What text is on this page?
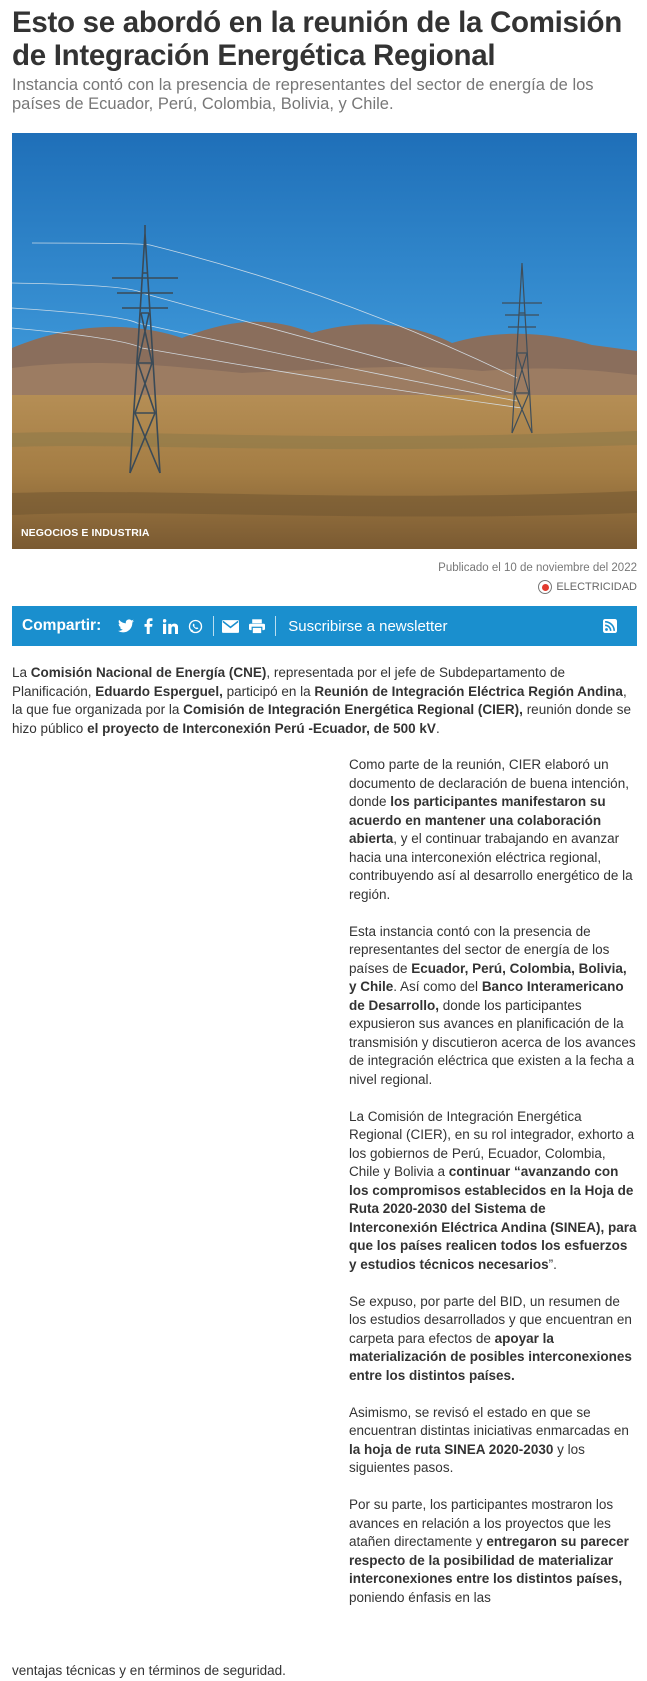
Esto se abordó en la reunión de la Comisión de Integración Energética Regional

Instancia contó con la presencia de representantes del sector de energía de los países de Ecuador, Perú, Colombia, Bolivia, y Chile.

NEGOCIOS E INDUSTRIA
Publicado el 10 de noviembre del 2022
ELECTRICIDAD
Compartir:	Suscribirse a newsletter

La Comisión Nacional de Energía (CNE), representada por el jefe de Subdepartamento de Planificación, Eduardo Esperguel, participó en la Reunión de Integración Eléctrica Región Andina, la que fue organizada por la Comisión de Integración Energética Regional (CIER), reunión donde se hizo público el proyecto de Interconexión Perú -Ecuador, de 500 kV.

Como parte de la reunión, CIER elaboró un documento de declaración de buena intención, donde los participantes manifestaron su acuerdo en mantener una colaboración abierta, y el continuar trabajando en avanzar hacia una interconexión eléctrica regional, contribuyendo así al desarrollo energético de la región.

Esta instancia contó con la presencia de representantes del sector de energía de los países de Ecuador, Perú, Colombia, Bolivia, y Chile. Así como del Banco Interamericano de Desarrollo, donde los participantes expusieron sus avances en planificación de la transmisión y discutieron acerca de los avances de integración eléctrica que existen a la fecha a nivel regional.

La Comisión de Integración Energética Regional (CIER), en su rol integrador, exhorto a los gobiernos de Perú, Ecuador, Colombia, Chile y Bolivia a continuar “avanzando con los compromisos establecidos en la Hoja de Ruta 2020-2030 del Sistema de Interconexión Eléctrica Andina (SINEA), para que los países realicen todos los esfuerzos y estudios técnicos necesarios”.

Se expuso, por parte del BID, un resumen de los estudios desarrollados y que encuentran en carpeta para efectos de apoyar la materialización de posibles interconexiones entre los distintos países.

Asimismo, se revisó el estado en que se encuentran distintas iniciativas enmarcadas en la hoja de ruta SINEA 2020-2030 y los siguientes pasos.

Por su parte, los participantes mostraron los avances en relación a los proyectos que les atañen directamente y entregaron su parecer respecto de la posibilidad de materializar interconexiones entre los distintos países, poniendo énfasis en las

ventajas técnicas y en términos de seguridad.
